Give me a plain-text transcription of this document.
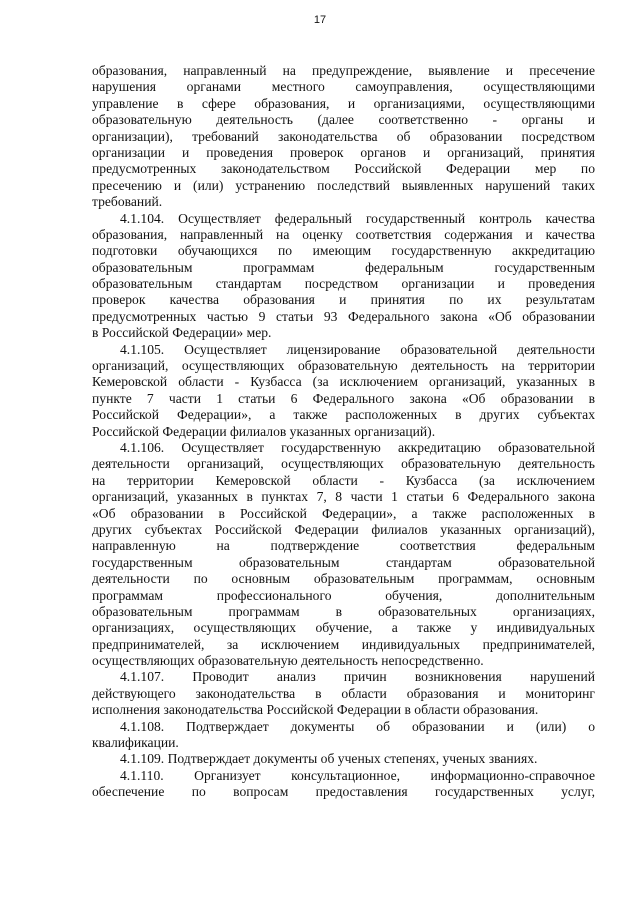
17
образования, направленный на предупреждение, выявление и пресечение
нарушения органами местного самоуправления, осуществляющими
управление в сфере образования, и организациями, осуществляющими
образовательную деятельность (далее соответственно - органы и
организации), требований законодательства об образовании посредством
организации и проведения проверок органов и организаций, принятия
предусмотренных законодательством Российской Федерации мер по
пресечению и (или) устранению последствий выявленных нарушений таких
требований.
4.1.104. Осуществляет федеральный государственный контроль качества
образования, направленный на оценку соответствия содержания и качества
подготовки обучающихся по имеющим государственную аккредитацию
образовательным программам федеральным государственным
образовательным стандартам посредством организации и проведения
проверок качества образования и принятия по их результатам
предусмотренных частью 9 статьи 93 Федерального закона «Об образовании
в Российской Федерации» мер.
4.1.105. Осуществляет лицензирование образовательной деятельности
организаций, осуществляющих образовательную деятельность на территории
Кемеровской области - Кузбасса (за исключением организаций, указанных в
пункте 7 части 1 статьи 6 Федерального закона «Об образовании в
Российской Федерации», а также расположенных в других субъектах
Российской Федерации филиалов указанных организаций).
4.1.106. Осуществляет государственную аккредитацию образовательной
деятельности организаций, осуществляющих образовательную деятельность
на территории Кемеровской области - Кузбасса (за исключением
организаций, указанных в пунктах 7, 8 части 1 статьи 6 Федерального закона
«Об образовании в Российской Федерации», а также расположенных в
других субъектах Российской Федерации филиалов указанных организаций),
направленную на подтверждение соответствия федеральным
государственным образовательным стандартам образовательной
деятельности по основным образовательным программам, основным
программам профессионального обучения, дополнительным
образовательным программам в образовательных организациях,
организациях, осуществляющих обучение, а также у индивидуальных
предпринимателей, за исключением индивидуальных предпринимателей,
осуществляющих образовательную деятельность непосредственно.
4.1.107. Проводит анализ причин возникновения нарушений
действующего законодательства в области образования и мониторинг
исполнения законодательства Российской Федерации в области образования.
4.1.108. Подтверждает документы об образовании и (или) о
квалификации.
4.1.109. Подтверждает документы об ученых степенях, ученых званиях.
4.1.110. Организует консультационное, информационно-справочное
обеспечение по вопросам предоставления государственных услуг,
